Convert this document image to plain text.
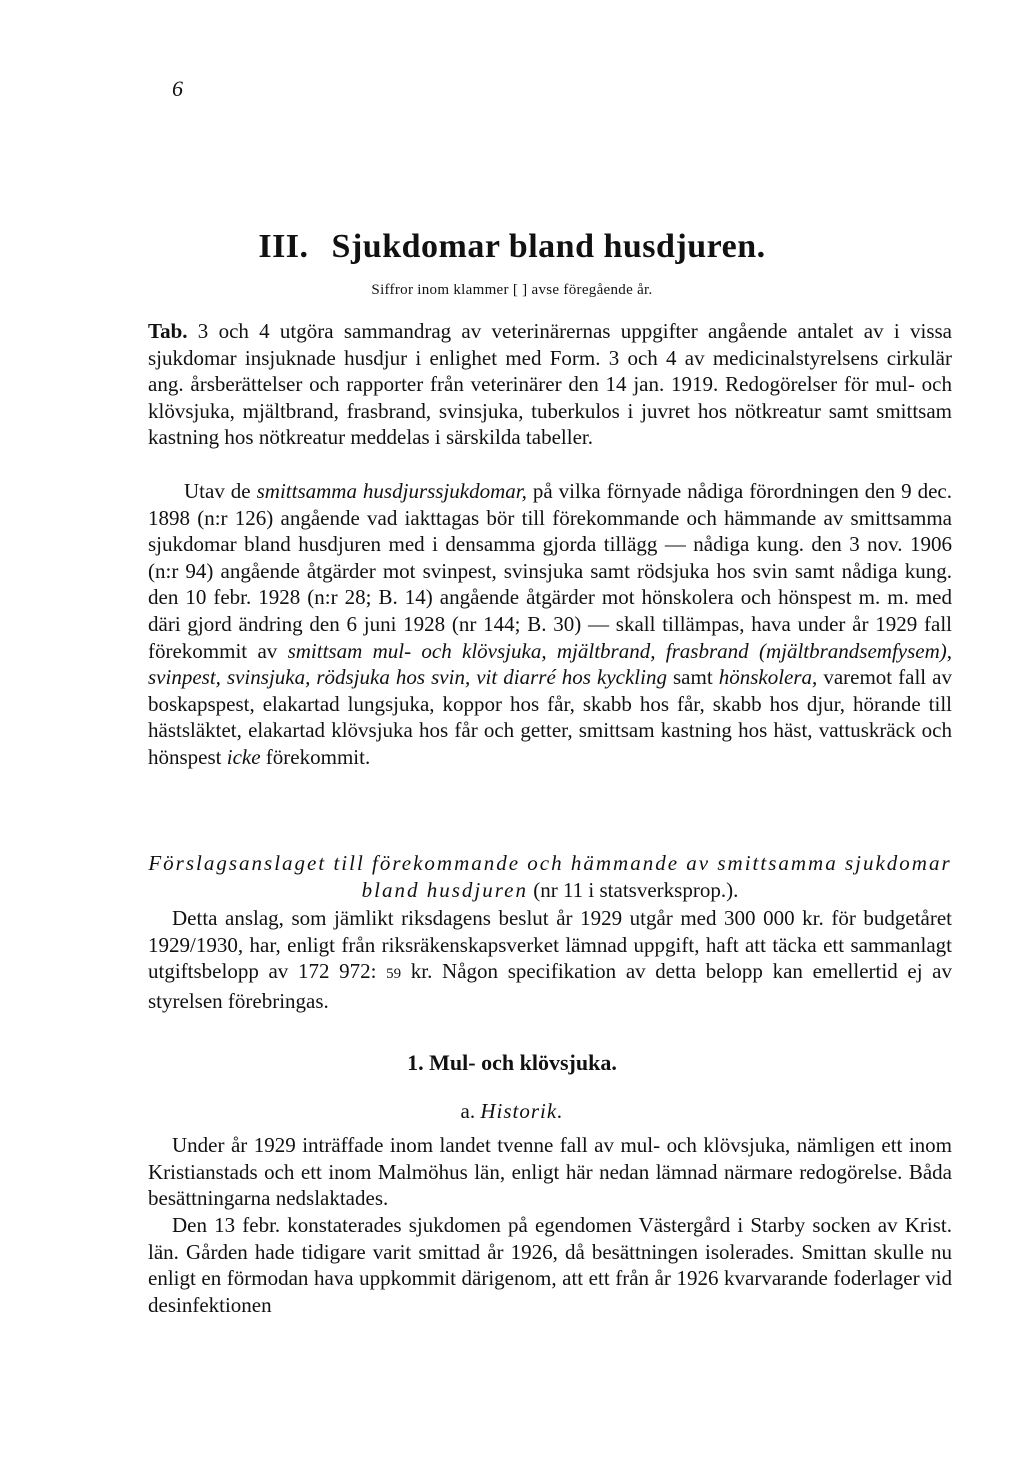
6
III. Sjukdomar bland husdjuren.
Siffror inom klammer [ ] avse föregående år.

Tab. 3 och 4 utgöra sammandrag av veterinärernas uppgifter angående antalet av i vissa sjukdomar insjuknade husdjur i enlighet med Form. 3 och 4 av medicinalstyrelsens cirkulär ang. årsberättelser och rapporter från veterinärer den 14 jan. 1919. Redogörelser för mul- och klövsjuka, mjältbrand, frasbrand, svinsjuka, tuberkulos i juvret hos nötkreatur samt smittsam kastning hos nötkreatur meddelas i särskilda tabeller.

Utav de smittsamma husdjurssjukdomar, på vilka förnyade nådiga förordningen den 9 dec. 1898 (n:r 126) angående vad iakttagas bör till förekommande och hämmande av smittsamma sjukdomar bland husdjuren med i densamma gjorda tillägg — nådiga kung. den 3 nov. 1906 (n:r 94) angående åtgärder mot svinpest, svinsjuka samt rödsjuka hos svin samt nådiga kung. den 10 febr. 1928 (n:r 28; B. 14) angående åtgärder mot hönskolera och hönspest m. m. med däri gjord ändring den 6 juni 1928 (nr 144; B. 30) — skall tillämpas, hava under år 1929 fall förekommit av smittsam mul- och klövsjuka, mjältbrand, frasbrand (mjältbrandsemfysem), svinpest, svinsjuka, rödsjuka hos svin, vit diarré hos kyckling samt hönskolera, varemot fall av boskapspest, elakartad lungsjuka, koppor hos får, skabb hos får, skabb hos djur, hörande till hästsläktet, elakartad klövsjuka hos får och getter, smittsam kastning hos häst, vattuskräck och hönspest icke förekommit.

Förslagsanslaget till förekommande och hämmande av smittsamma sjukdomar bland husdjuren (nr 11 i statsverksprop.).

Detta anslag, som jämlikt riksdagens beslut år 1929 utgår med 300 000 kr. för budgetåret 1929/1930, har, enligt från riksräkenskapsverket lämnad uppgift, haft att täcka ett sammanlagt utgiftsbelopp av 172 972: 59 kr. Någon specifikation av detta belopp kan emellertid ej av styrelsen förebringas.

1. Mul- och klövsjuka.
a. Historik.

Under år 1929 inträffade inom landet tvenne fall av mul- och klövsjuka, nämligen ett inom Kristianstads och ett inom Malmöhus län, enligt här nedan lämnad närmare redogörelse. Båda besättningarna nedslaktades.

Den 13 febr. konstaterades sjukdomen på egendomen Västergård i Starby socken av Krist. län. Gården hade tidigare varit smittad år 1926, då besättningen isolerades. Smittan skulle nu enligt en förmodan hava uppkommit därigenom, att ett från år 1926 kvarvarande foderlager vid desinfektionen
